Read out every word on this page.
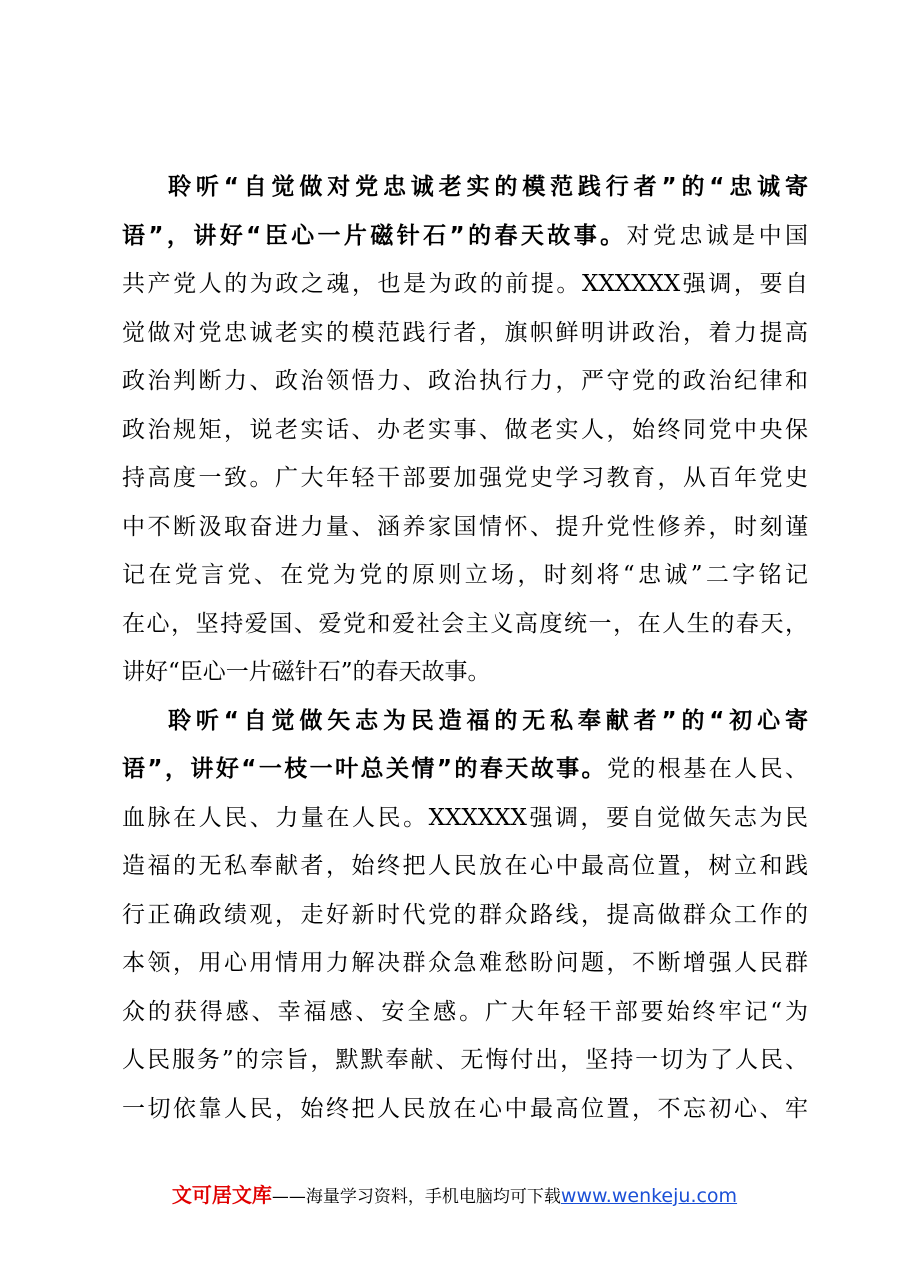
聆听“自觉做对党忠诚老实的模范践行者”的“忠诚寄
语”，讲好“臣心一片磁针石”的春天故事。对党忠诚是中国
共产党人的为政之魂，也是为政的前提。XXXXXX强调，要自
觉做对党忠诚老实的模范践行者，旗帜鲜明讲政治，着力提高
政治判断力、政治领悟力、政治执行力，严守党的政治纪律和
政治规矩，说老实话、办老实事、做老实人，始终同党中央保
持高度一致。广大年轻干部要加强党史学习教育，从百年党史
中不断汲取奋进力量、涵养家国情怀、提升党性修养，时刻谨
记在党言党、在党为党的原则立场，时刻将“忠诚”二字铭记
在心，坚持爱国、爱党和爱社会主义高度统一，在人生的春天，
讲好“臣心一片磁针石”的春天故事。
聆听“自觉做矢志为民造福的无私奉献者”的“初心寄
语”，讲好“一枝一叶总关情”的春天故事。党的根基在人民、
血脉在人民、力量在人民。XXXXXX强调，要自觉做矢志为民
造福的无私奉献者，始终把人民放在心中最高位置，树立和践
行正确政绩观，走好新时代党的群众路线，提高做群众工作的
本领，用心用情用力解决群众急难愁盼问题，不断增强人民群
众的获得感、幸福感、安全感。广大年轻干部要始终牢记“为
人民服务”的宗旨，默默奉献、无悔付出，坚持一切为了人民、
一切依靠人民，始终把人民放在心中最高位置，不忘初心、牢
文可居文库——海量学习资料，手机电脑均可下载www.wenkeju.com
